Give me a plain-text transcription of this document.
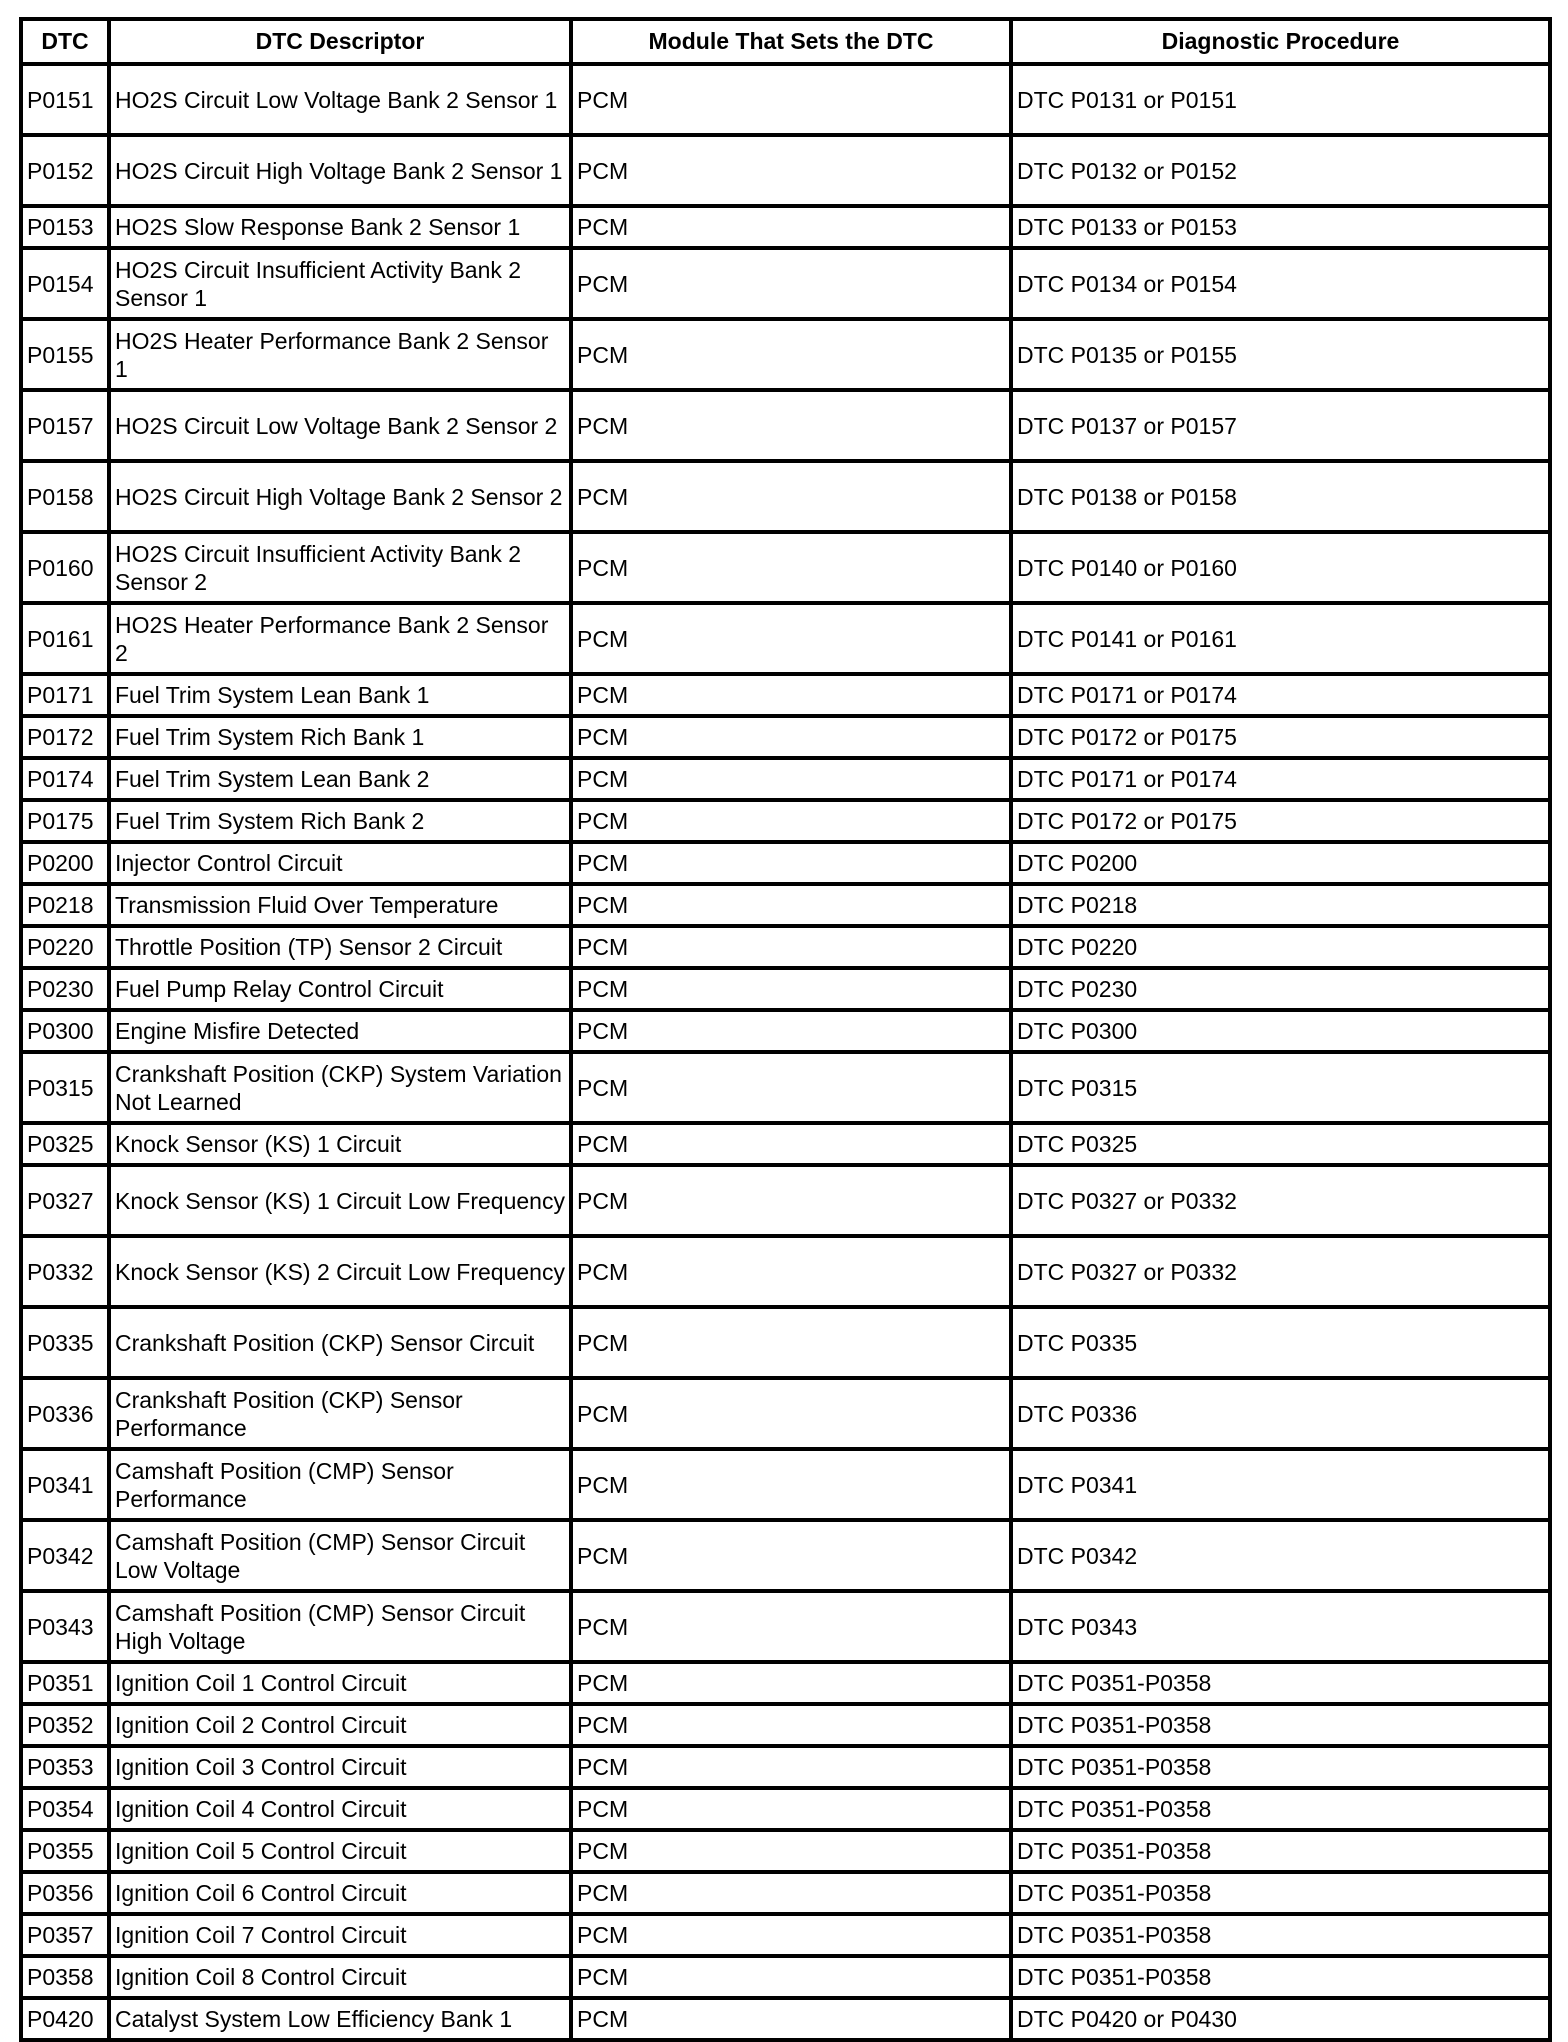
DTC	DTC Descriptor	Module That Sets the DTC	Diagnostic Procedure
P0151	HO2S Circuit Low Voltage Bank 2 Sensor 1	PCM	DTC P0131 or P0151
P0152	HO2S Circuit High Voltage Bank 2 Sensor 1	PCM	DTC P0132 or P0152
P0153	HO2S Slow Response Bank 2 Sensor 1	PCM	DTC P0133 or P0153
P0154	HO2S Circuit Insufficient Activity Bank 2 Sensor 1	PCM	DTC P0134 or P0154
P0155	HO2S Heater Performance Bank 2 Sensor 1	PCM	DTC P0135 or P0155
P0157	HO2S Circuit Low Voltage Bank 2 Sensor 2	PCM	DTC P0137 or P0157
P0158	HO2S Circuit High Voltage Bank 2 Sensor 2	PCM	DTC P0138 or P0158
P0160	HO2S Circuit Insufficient Activity Bank 2 Sensor 2	PCM	DTC P0140 or P0160
P0161	HO2S Heater Performance Bank 2 Sensor 2	PCM	DTC P0141 or P0161
P0171	Fuel Trim System Lean Bank 1	PCM	DTC P0171 or P0174
P0172	Fuel Trim System Rich Bank 1	PCM	DTC P0172 or P0175
P0174	Fuel Trim System Lean Bank 2	PCM	DTC P0171 or P0174
P0175	Fuel Trim System Rich Bank 2	PCM	DTC P0172 or P0175
P0200	Injector Control Circuit	PCM	DTC P0200
P0218	Transmission Fluid Over Temperature	PCM	DTC P0218
P0220	Throttle Position (TP) Sensor 2 Circuit	PCM	DTC P0220
P0230	Fuel Pump Relay Control Circuit	PCM	DTC P0230
P0300	Engine Misfire Detected	PCM	DTC P0300
P0315	Crankshaft Position (CKP) System Variation Not Learned	PCM	DTC P0315
P0325	Knock Sensor (KS) 1 Circuit	PCM	DTC P0325
P0327	Knock Sensor (KS) 1 Circuit Low Frequency	PCM	DTC P0327 or P0332
P0332	Knock Sensor (KS) 2 Circuit Low Frequency	PCM	DTC P0327 or P0332
P0335	Crankshaft Position (CKP) Sensor Circuit	PCM	DTC P0335
P0336	Crankshaft Position (CKP) Sensor Performance	PCM	DTC P0336
P0341	Camshaft Position (CMP) Sensor Performance	PCM	DTC P0341
P0342	Camshaft Position (CMP) Sensor Circuit Low Voltage	PCM	DTC P0342
P0343	Camshaft Position (CMP) Sensor Circuit High Voltage	PCM	DTC P0343
P0351	Ignition Coil 1 Control Circuit	PCM	DTC P0351-P0358
P0352	Ignition Coil 2 Control Circuit	PCM	DTC P0351-P0358
P0353	Ignition Coil 3 Control Circuit	PCM	DTC P0351-P0358
P0354	Ignition Coil 4 Control Circuit	PCM	DTC P0351-P0358
P0355	Ignition Coil 5 Control Circuit	PCM	DTC P0351-P0358
P0356	Ignition Coil 6 Control Circuit	PCM	DTC P0351-P0358
P0357	Ignition Coil 7 Control Circuit	PCM	DTC P0351-P0358
P0358	Ignition Coil 8 Control Circuit	PCM	DTC P0351-P0358
P0420	Catalyst System Low Efficiency Bank 1	PCM	DTC P0420 or P0430
